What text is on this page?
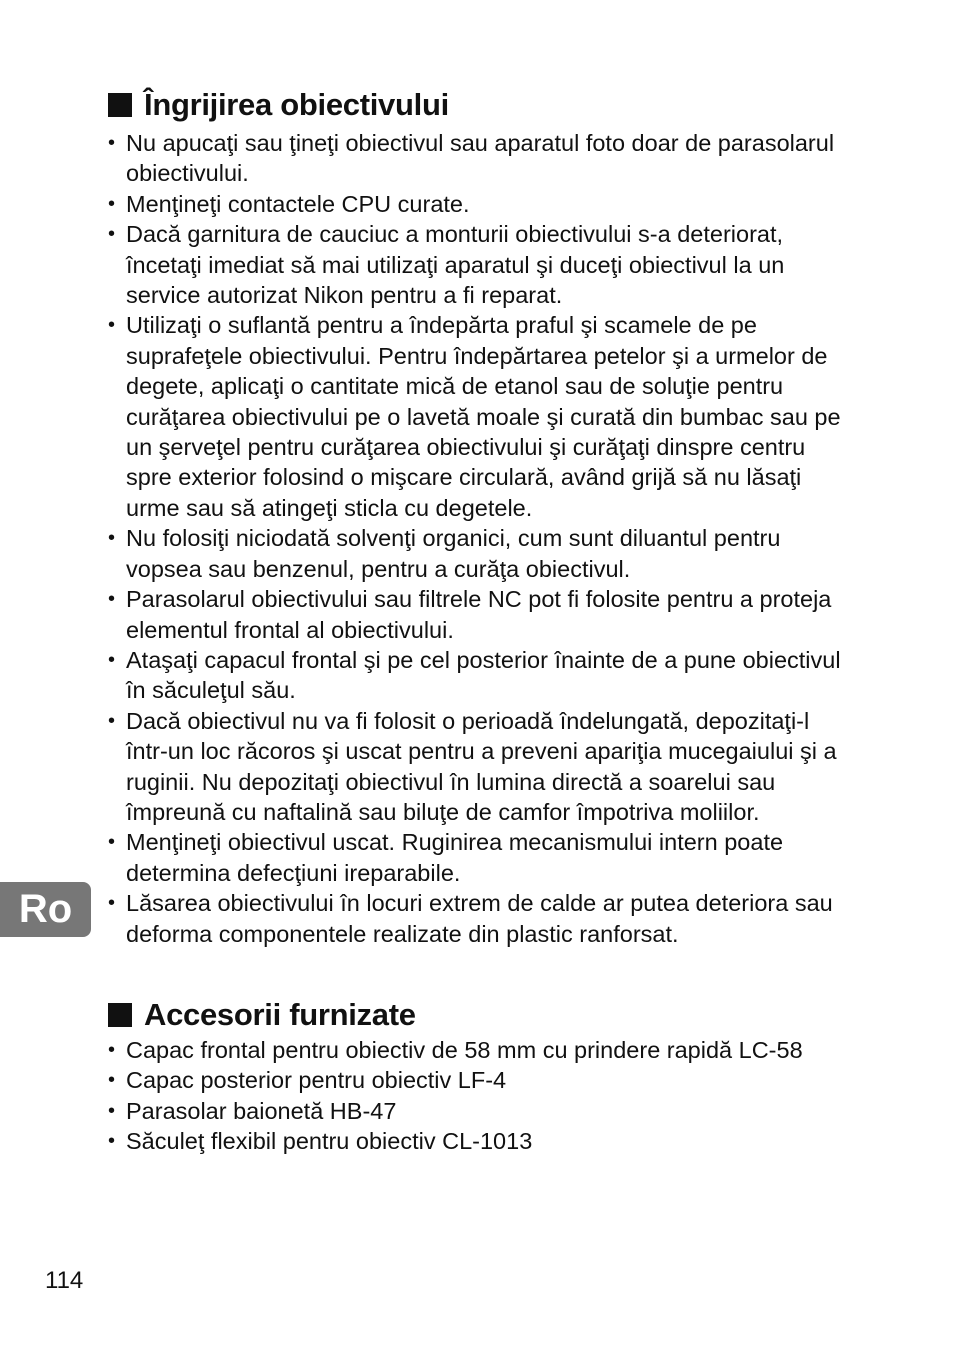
Îngrijirea obiectivului
• Nu apucaţi sau ţineţi obiectivul sau aparatul foto doar de parasolarul obiectivului.
• Menţineţi contactele CPU curate.
• Dacă garnitura de cauciuc a monturii obiectivului s-a deteriorat, încetaţi imediat să mai utilizaţi aparatul şi duceţi obiectivul la un service autorizat Nikon pentru a fi reparat.
• Utilizaţi o suflantă pentru a îndepărta praful şi scamele de pe suprafeţele obiectivului. Pentru îndepărtarea petelor şi a urmelor de degete, aplicaţi o cantitate mică de etanol sau de soluţie pentru curăţarea obiectivului pe o lavetă moale şi curată din bumbac sau pe un şerveţel pentru curăţarea obiectivului şi curăţaţi dinspre centru spre exterior folosind o mişcare circulară, având grijă să nu lăsaţi urme sau să atingeţi sticla cu degetele.
• Nu folosiţi niciodată solvenţi organici, cum sunt diluantul pentru vopsea sau benzenul, pentru a curăţa obiectivul.
• Parasolarul obiectivului sau filtrele NC pot fi folosite pentru a proteja elementul frontal al obiectivului.
• Ataşaţi capacul frontal şi pe cel posterior înainte de a pune obiectivul în săculeţul său.
• Dacă obiectivul nu va fi folosit o perioadă îndelungată, depozitaţi-l într-un loc răcoros şi uscat pentru a preveni apariţia mucegaiului şi a ruginii. Nu depozitaţi obiectivul în lumina directă a soarelui sau împreună cu naftalină sau biluţe de camfor împotriva moliilor.
• Menţineţi obiectivul uscat. Ruginirea mecanismului intern poate determina defecţiuni ireparabile.
• Lăsarea obiectivului în locuri extrem de calde ar putea deteriora sau deforma componentele realizate din plastic ranforsat.
Accesorii furnizate
• Capac frontal pentru obiectiv de 58 mm cu prindere rapidă LC-58
• Capac posterior pentru obiectiv LF-4
• Parasolar baionetă HB-47
• Săculeţ flexibil pentru obiectiv CL-1013
Ro
114
